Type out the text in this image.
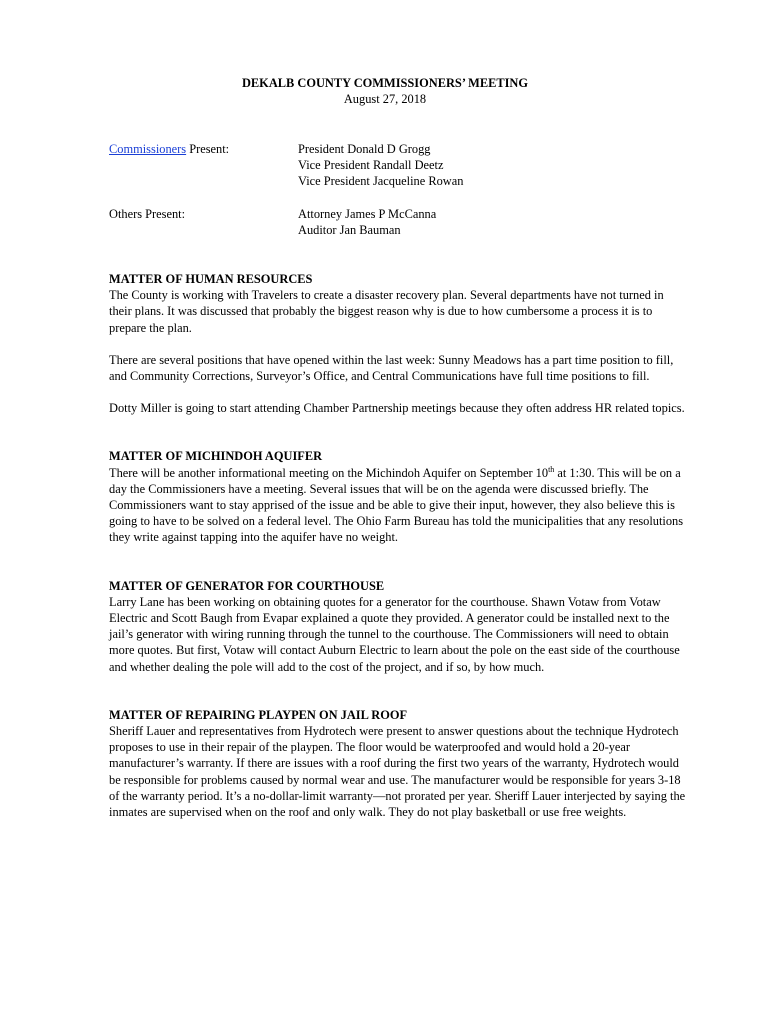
DEKALB COUNTY COMMISSIONERS’ MEETING
August 27, 2018
Commissioners Present:	President Donald D Grogg
Vice President Randall Deetz
Vice President Jacqueline Rowan
Others Present:	Attorney James P McCanna
Auditor Jan Bauman
MATTER OF HUMAN RESOURCES

The County is working with Travelers to create a disaster recovery plan. Several departments have not turned in their plans. It was discussed that probably the biggest reason why is due to how cumbersome a process it is to prepare the plan.

There are several positions that have opened within the last week: Sunny Meadows has a part time position to fill, and Community Corrections, Surveyor’s Office, and Central Communications have full time positions to fill.

Dotty Miller is going to start attending Chamber Partnership meetings because they often address HR related topics.

MATTER OF MICHINDOH AQUIFER

There will be another informational meeting on the Michindoh Aquifer on September 10th at 1:30. This will be on a day the Commissioners have a meeting. Several issues that will be on the agenda were discussed briefly. The Commissioners want to stay apprised of the issue and be able to give their input, however, they also believe this is going to have to be solved on a federal level. The Ohio Farm Bureau has told the municipalities that any resolutions they write against tapping into the aquifer have no weight.

MATTER OF GENERATOR FOR COURTHOUSE

Larry Lane has been working on obtaining quotes for a generator for the courthouse. Shawn Votaw from Votaw Electric and Scott Baugh from Evapar explained a quote they provided. A generator could be installed next to the jail’s generator with wiring running through the tunnel to the courthouse. The Commissioners will need to obtain more quotes. But first, Votaw will contact Auburn Electric to learn about the pole on the east side of the courthouse and whether dealing the pole will add to the cost of the project, and if so, by how much.

MATTER OF REPAIRING PLAYPEN ON JAIL ROOF

Sheriff Lauer and representatives from Hydrotech were present to answer questions about the technique Hydrotech proposes to use in their repair of the playpen. The floor would be waterproofed and would hold a 20-year manufacturer’s warranty. If there are issues with a roof during the first two years of the warranty, Hydrotech would be responsible for problems caused by normal wear and use. The manufacturer would be responsible for years 3-18 of the warranty period. It’s a no-dollar-limit warranty—not prorated per year. Sheriff Lauer interjected by saying the inmates are supervised when on the roof and only walk. They do not play basketball or use free weights.
